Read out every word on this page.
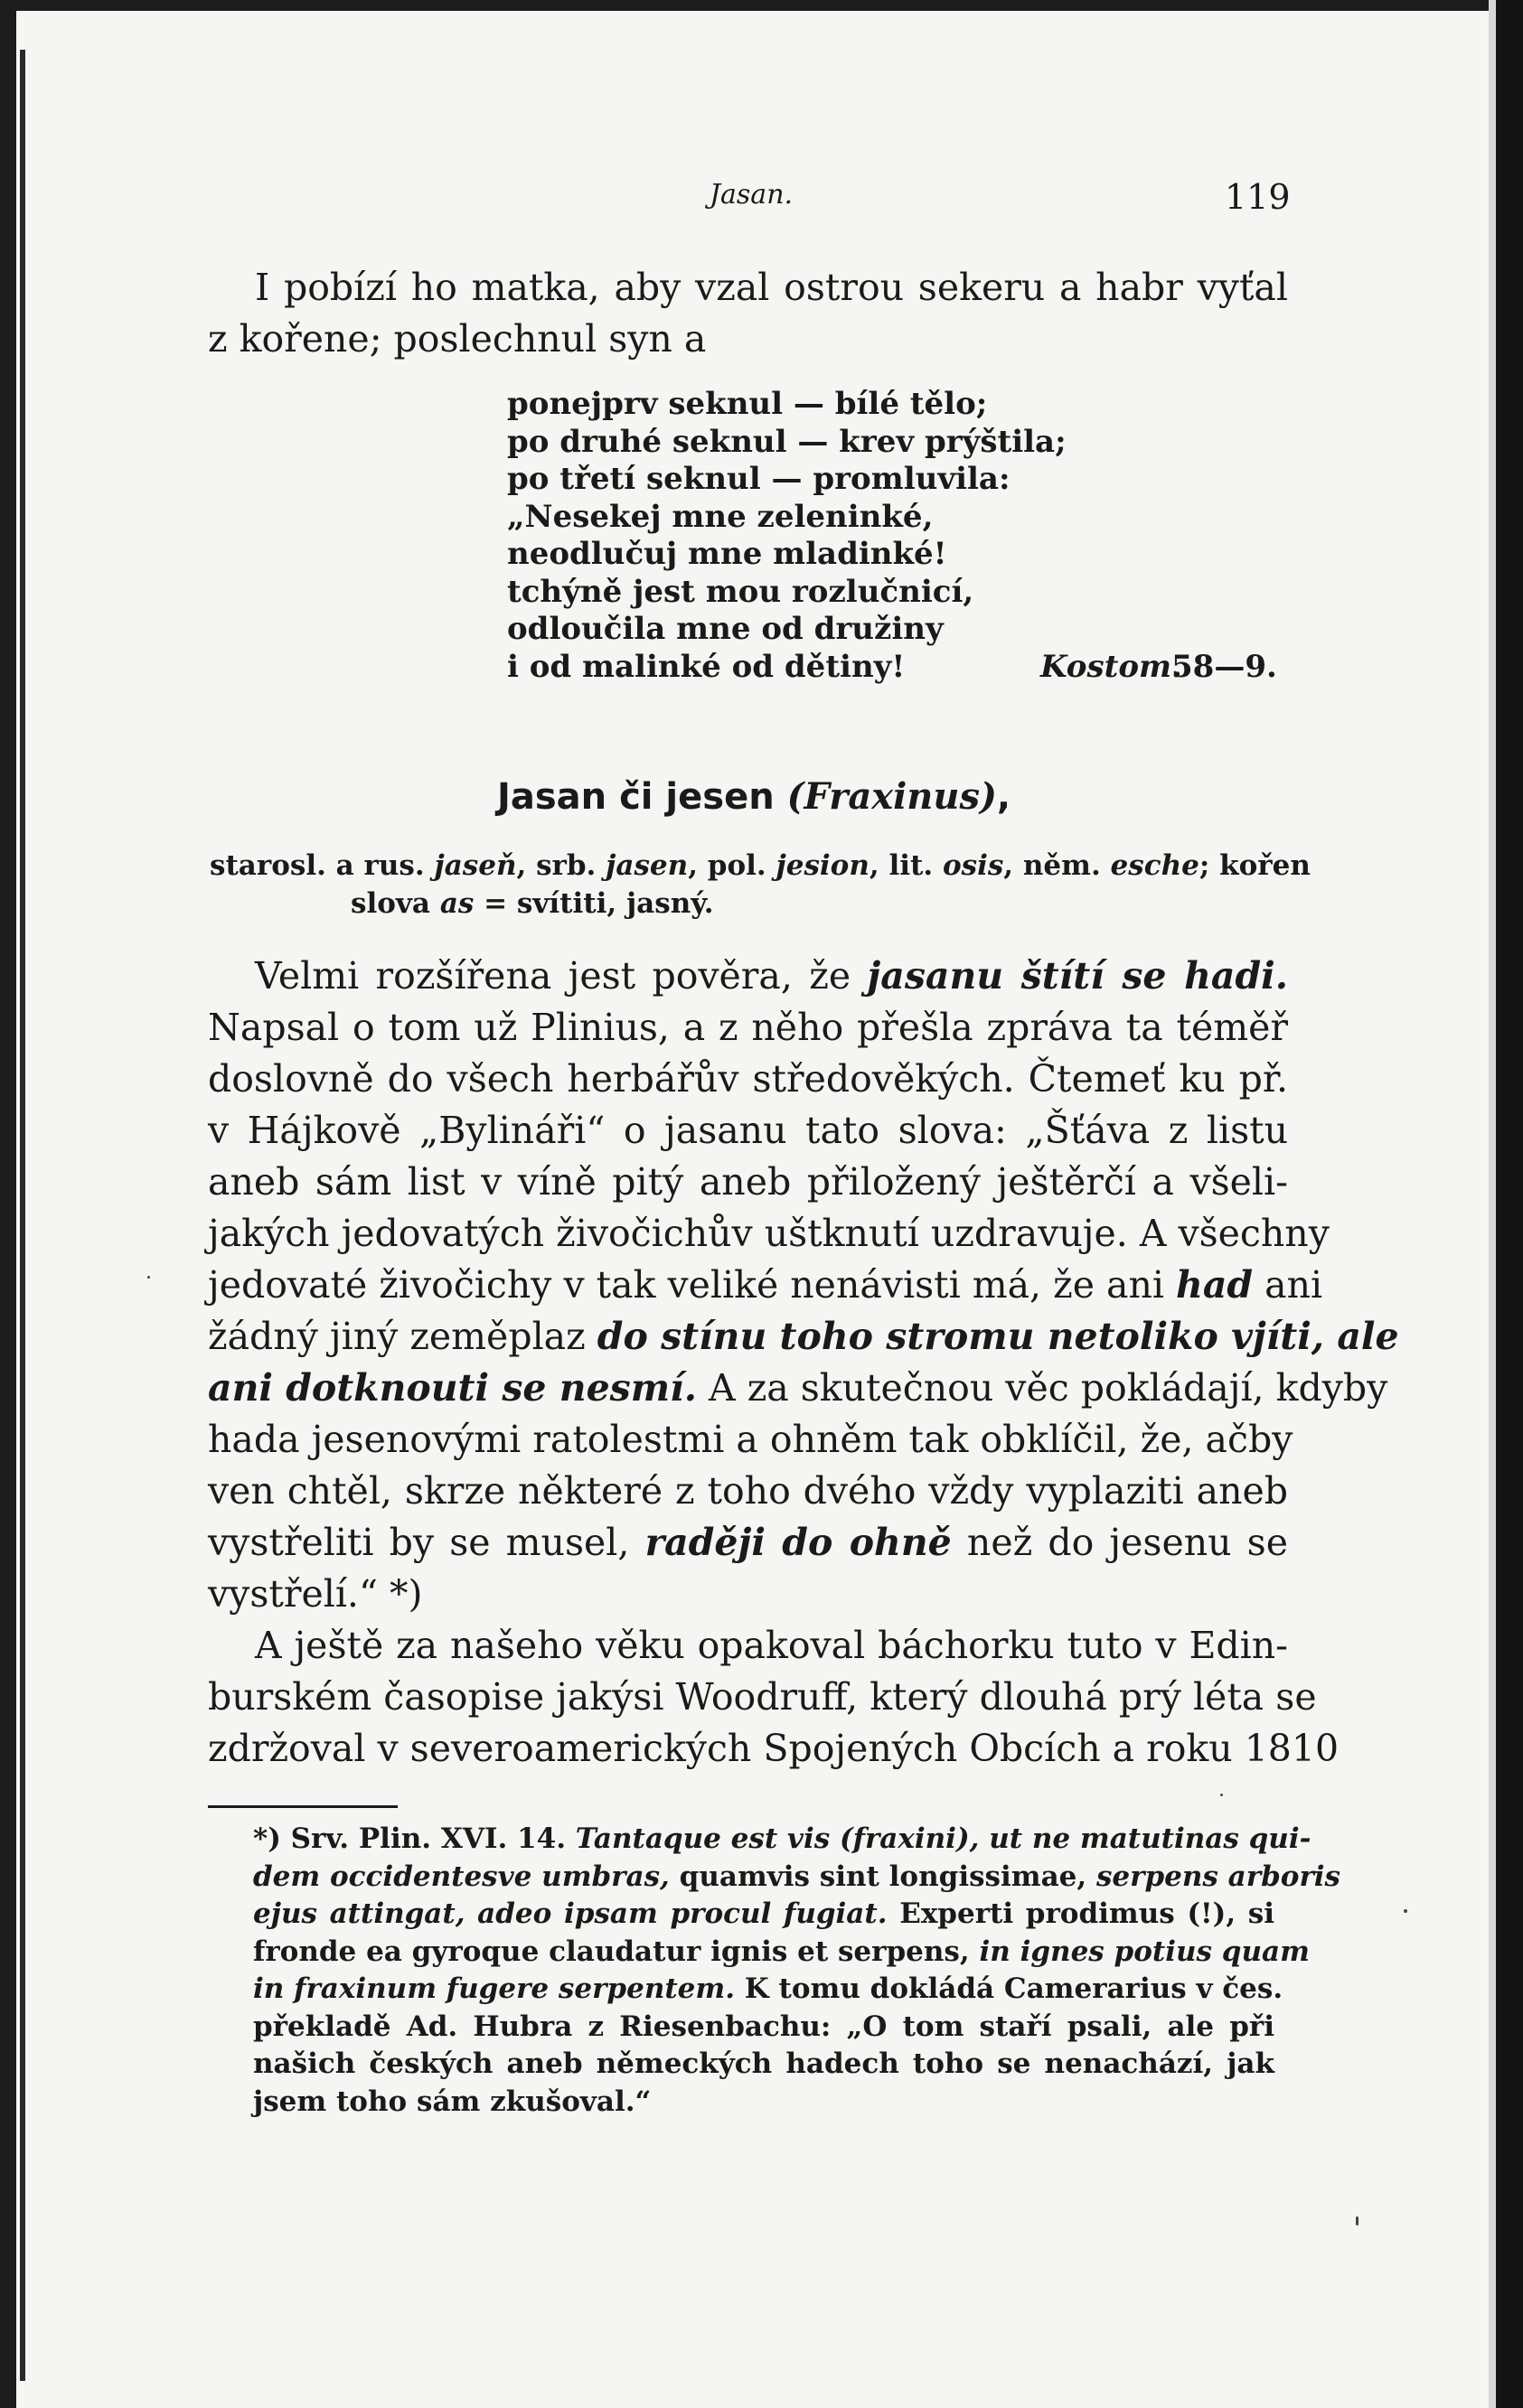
Jasan.	119
I pobízí ho matka, aby vzal ostrou sekeru a habr vyťal
z kořene; poslechnul syn a
ponejprv seknul — bílé tělo;
po druhé seknul — krev prýštila;
po třetí seknul — promluvila:
„Nesekej mne zeleninké,
neodlučuj mne mladinké!
tchýně jest mou rozlučnicí,
odloučila mne od družiny
i od malinké od dětiny!	Kostom.
58—9.
Jasan či jesen (Fraxinus),
starosl. a rus. jaseň, srb. jasen, pol. jesion, lit. osis, něm. esche; kořen
slova as = svítiti, jasný.
Velmi rozšířena jest pověra, že jasanu štítí se hadi.
Napsal o tom už Plinius, a z něho přešla zpráva ta téměř
doslovně do všech herbářův středověkých. Čtemeť ku př.
v Hájkově „Bylináři“ o jasanu tato slova: „Šťáva z listu
aneb sám list v víně pitý aneb přiložený ještěrčí a všeli-
jakých jedovatých živočichův uštknutí uzdravuje. A všechny
jedovaté živočichy v tak veliké nenávisti má, že ani had ani
žádný jiný zeměplaz do stínu toho stromu netoliko vjíti, ale
ani dotknouti se nesmí. A za skutečnou věc pokládají, kdyby
hada jesenovými ratolestmi a ohněm tak obklíčil, že, ačby
ven chtěl, skrze některé z toho dvého vždy vyplaziti aneb
vystřeliti by se musel, raději do ohně než do jesenu se
vystřelí.“ *)
A ještě za našeho věku opakoval báchorku tuto v Edin-
burském časopise jakýsi Woodruff, který dlouhá prý léta se
zdržoval v severoamerických Spojených Obcích a roku 1810
*) Srv. Plin. XVI. 14. Tantaque est vis (fraxini), ut ne matutinas qui-
dem occidentesve umbras, quamvis sint longissimae, serpens arboris
ejus attingat, adeo ipsam procul fugiat. Experti prodimus (!), si
fronde ea gyroque claudatur ignis et serpens, in ignes potius quam
in fraxinum fugere serpentem. K tomu dokládá Camerarius v čes.
překladě Ad. Hubra z Riesenbachu: „O tom staří psali, ale při
našich českých aneb německých hadech toho se nenachází, jak
jsem toho sám zkušoval.“
